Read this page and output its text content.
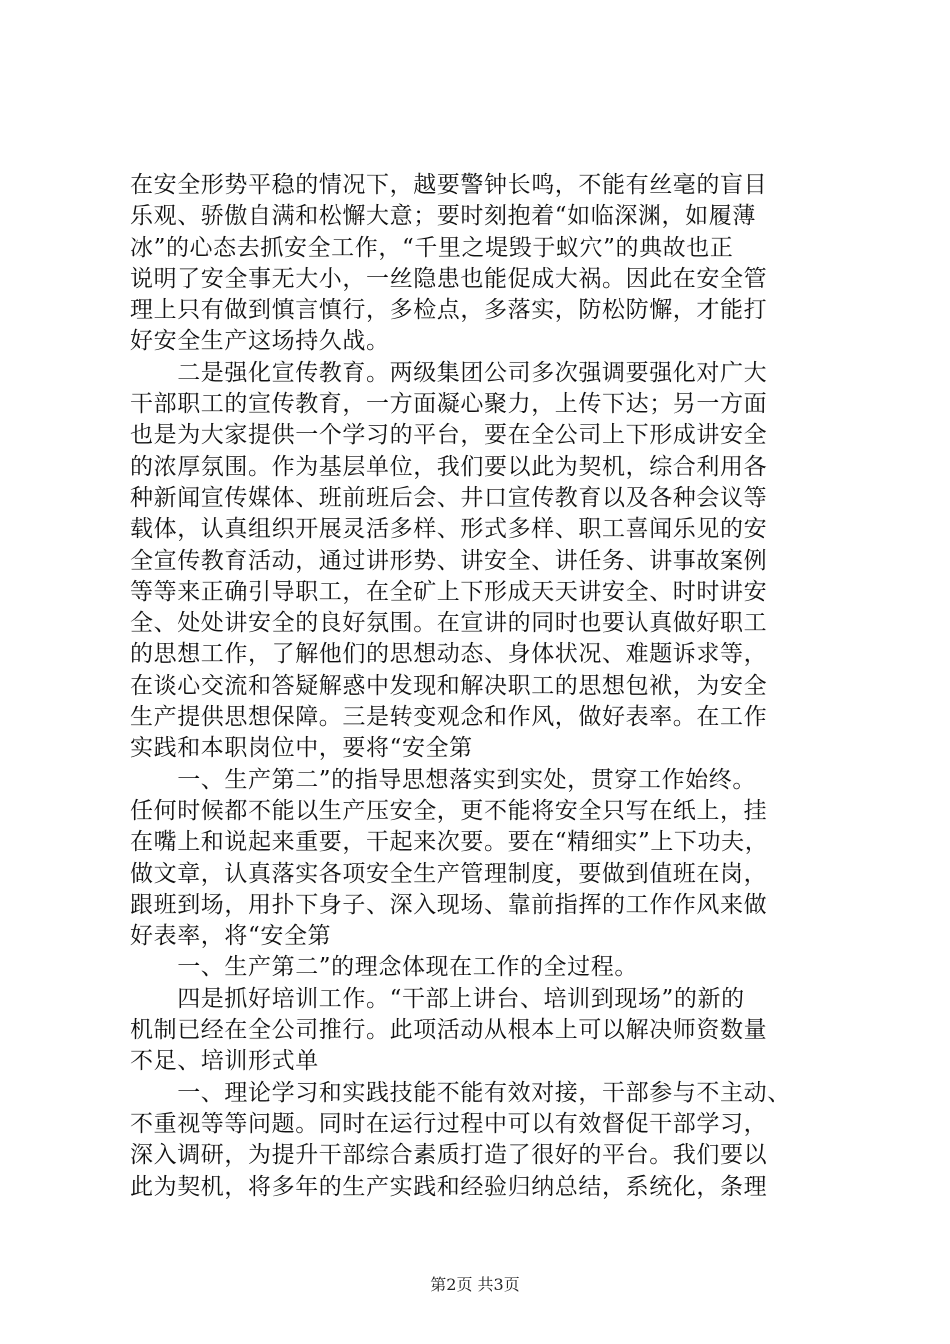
在安全形势平稳的情况下，越要警钟长鸣，不能有丝毫的盲目
乐观、骄傲自满和松懈大意；要时刻抱着“如临深渊，如履薄
冰”的心态去抓安全工作，“千里之堤毁于蚁穴”的典故也正
说明了安全事无大小，一丝隐患也能促成大祸。因此在安全管
理上只有做到慎言慎行，多检点，多落实，防松防懈，才能打
好安全生产这场持久战。
　　二是强化宣传教育。两级集团公司多次强调要强化对广大
干部职工的宣传教育，一方面凝心聚力，上传下达；另一方面
也是为大家提供一个学习的平台，要在全公司上下形成讲安全
的浓厚氛围。作为基层单位，我们要以此为契机，综合利用各
种新闻宣传媒体、班前班后会、井口宣传教育以及各种会议等
载体，认真组织开展灵活多样、形式多样、职工喜闻乐见的安
全宣传教育活动，通过讲形势、讲安全、讲任务、讲事故案例
等等来正确引导职工，在全矿上下形成天天讲安全、时时讲安
全、处处讲安全的良好氛围。在宣讲的同时也要认真做好职工
的思想工作，了解他们的思想动态、身体状况、难题诉求等，
在谈心交流和答疑解惑中发现和解决职工的思想包袱，为安全
生产提供思想保障。三是转变观念和作风，做好表率。在工作
实践和本职岗位中，要将“安全第
　　一、生产第二”的指导思想落实到实处，贯穿工作始终。
任何时候都不能以生产压安全，更不能将安全只写在纸上，挂
在嘴上和说起来重要，干起来次要。要在“精细实”上下功夫，
做文章，认真落实各项安全生产管理制度，要做到值班在岗，
跟班到场，用扑下身子、深入现场、靠前指挥的工作作风来做
好表率，将“安全第
　　一、生产第二”的理念体现在工作的全过程。
　　四是抓好培训工作。“干部上讲台、培训到现场”的新的
机制已经在全公司推行。此项活动从根本上可以解决师资数量
不足、培训形式单
　　一、理论学习和实践技能不能有效对接，干部参与不主动、
不重视等等问题。同时在运行过程中可以有效督促干部学习，
深入调研，为提升干部综合素质打造了很好的平台。我们要以
此为契机，将多年的生产实践和经验归纳总结，系统化，条理
第2页 共3页
